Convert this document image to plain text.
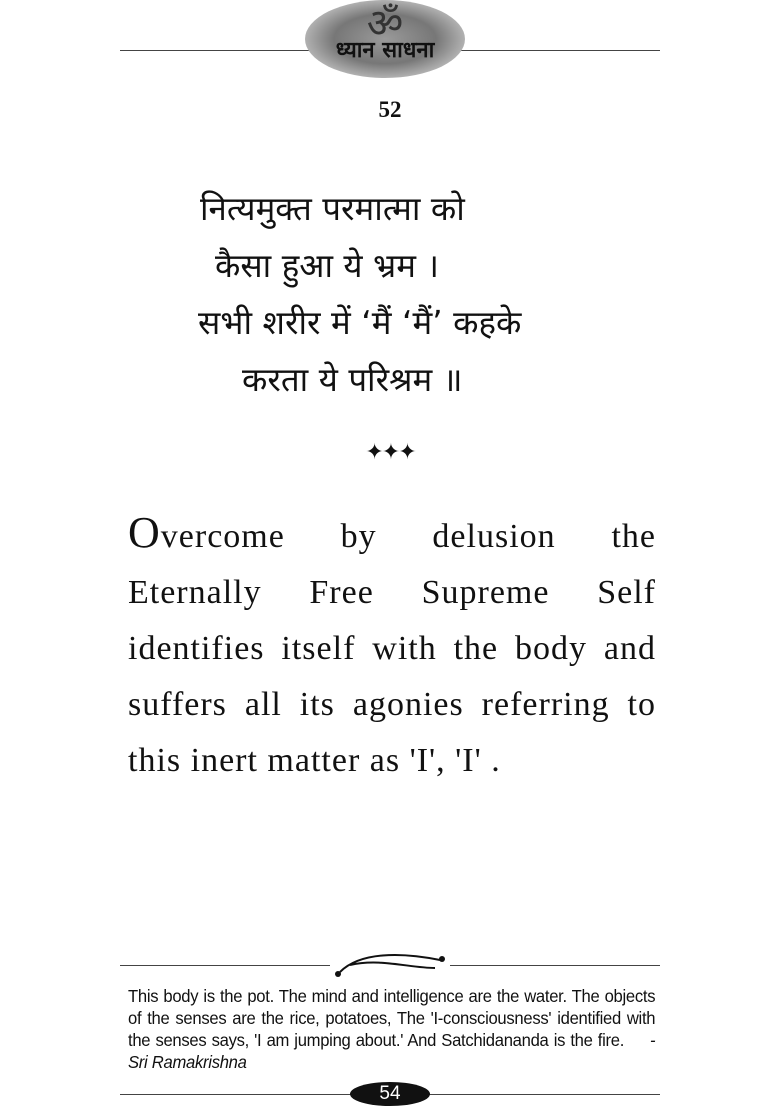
ॐ
ध्यान साधना
52
नित्यमुक्त परमात्मा को
कैसा हुआ ये भ्रम ।
सभी शरीर में ‘मैं ‘मैं’ कहके
करता ये परिश्रम ॥
✦✦✦
Overcome by delusion the Eternally Free Supreme Self identifies itself with the body and suffers all its agonies referring to this inert matter as 'I', 'I' .
This body is the pot. The mind and intelligence are the water. The objects of the senses are the rice, potatoes, The 'I-consciousness' identified with the senses says, 'I am jumping about.' And Satchidananda is the fire. - Sri Ramakrishna
54
